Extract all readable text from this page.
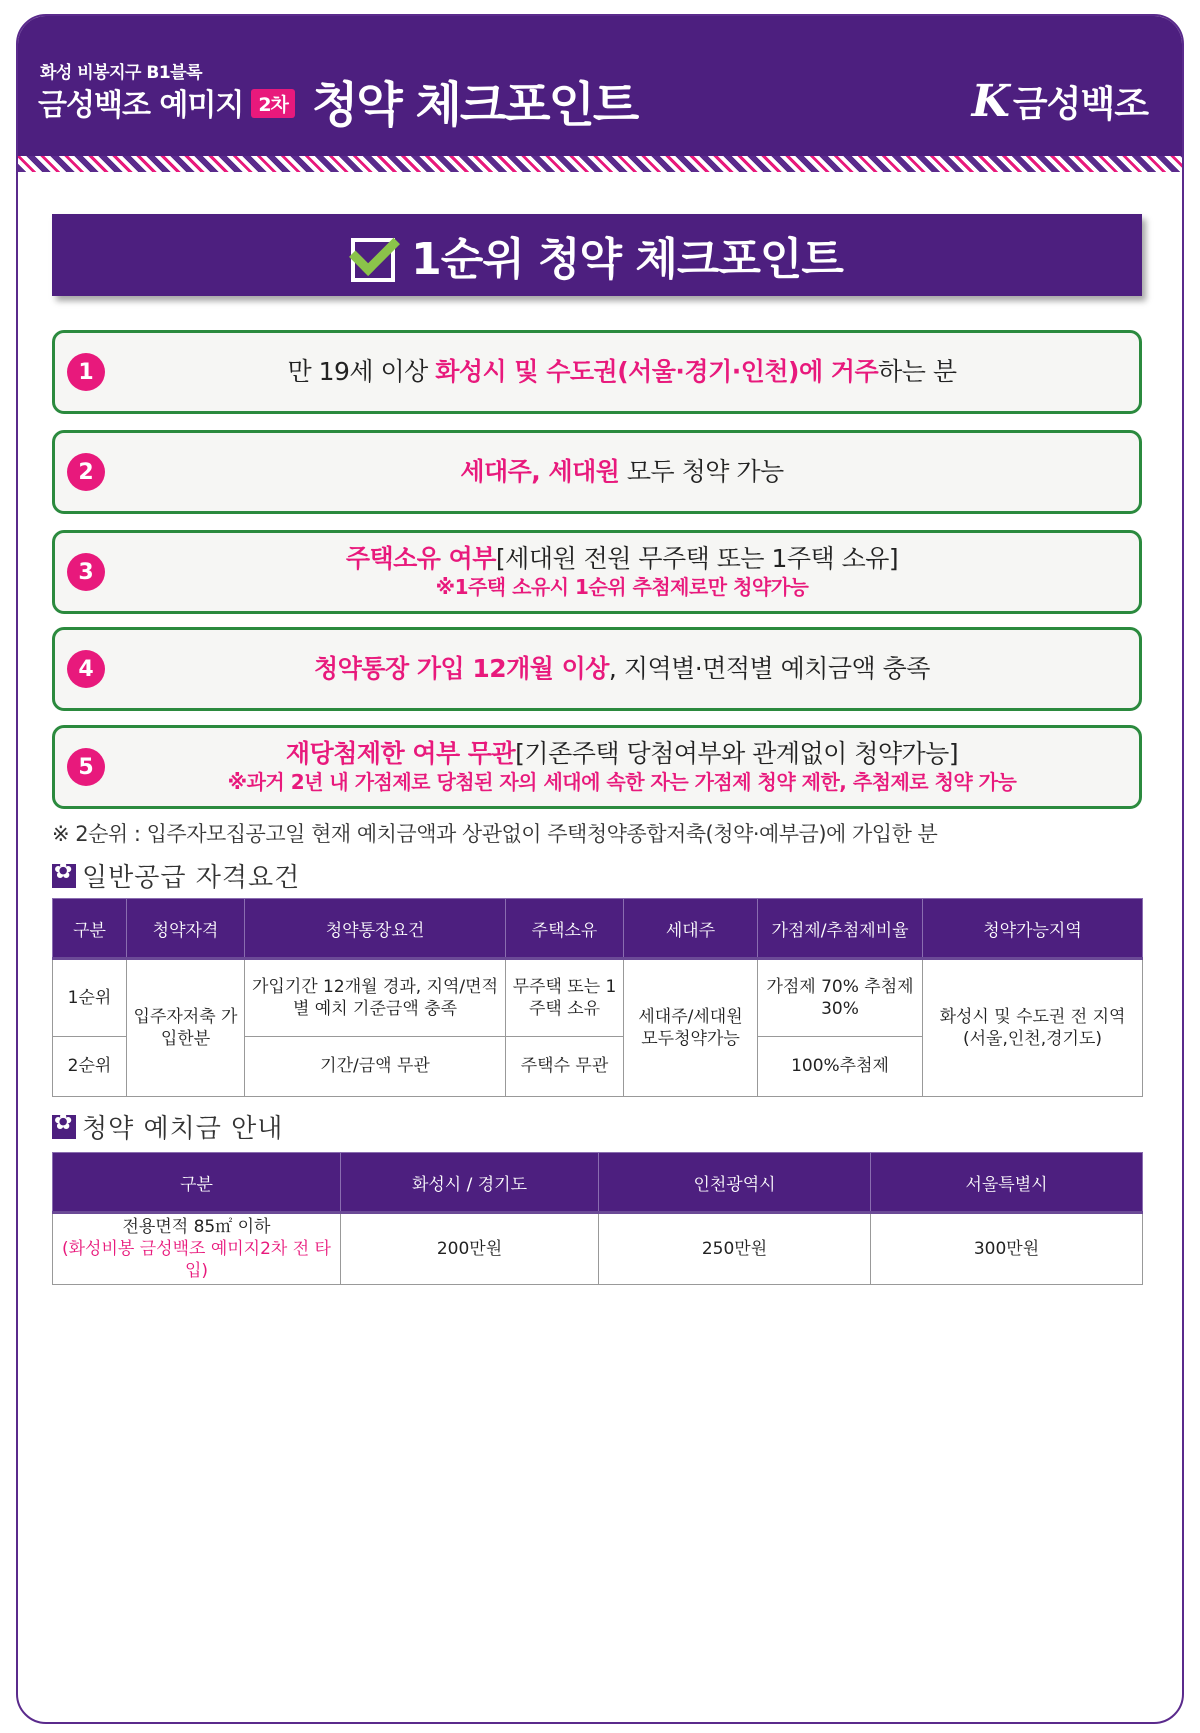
화성 비봉지구 B1블록
금성백조 예미지 2차 청약 체크포인트	K 금성백조
1순위 청약 체크포인트
1	만 19세 이상 화성시 및 수도권(서울·경기·인천)에 거주하는 분
2	세대주, 세대원 모두 청약 가능
3	주택소유 여부[세대원 전원 무주택 또는 1주택 소유]
※1주택 소유시 1순위 추첨제로만 청약가능
4	청약통장 가입 12개월 이상, 지역별·면적별 예치금액 충족
5	재당첨제한 여부 무관[기존주택 당첨여부와 관계없이 청약가능]
※과거 2년 내 가점제로 당첨된 자의 세대에 속한 자는 가점제 청약 제한, 추첨제로 청약 가능
※ 2순위 : 입주자모집공고일 현재 예치금액과 상관없이 주택청약종합저축(청약·예부금)에 가입한 분
✿
일반공급 자격요건
구분	청약자격	청약통장요건	주택소유	세대주	가점제/추첨제비율	청약가능지역
1순위	입주자저축 가입한분	가입기간 12개월 경과, 지역/면적별 예치 기준금액 충족	무주택 또는 1주택 소유	세대주/세대원 모두청약가능	가점제 70% 추첨제 30%	화성시 및 수도권 전 지역 (서울,인천,경기도)
2순위		기간/금액 무관	주택수 무관		100%추첨제	
✿
청약 예치금 안내
구분	화성시 / 경기도	인천광역시	서울특별시

전용면적 85㎡ 이하
(화성비봉 금성백조 예미지2차 전 타입)	200만원	250만원	300만원
